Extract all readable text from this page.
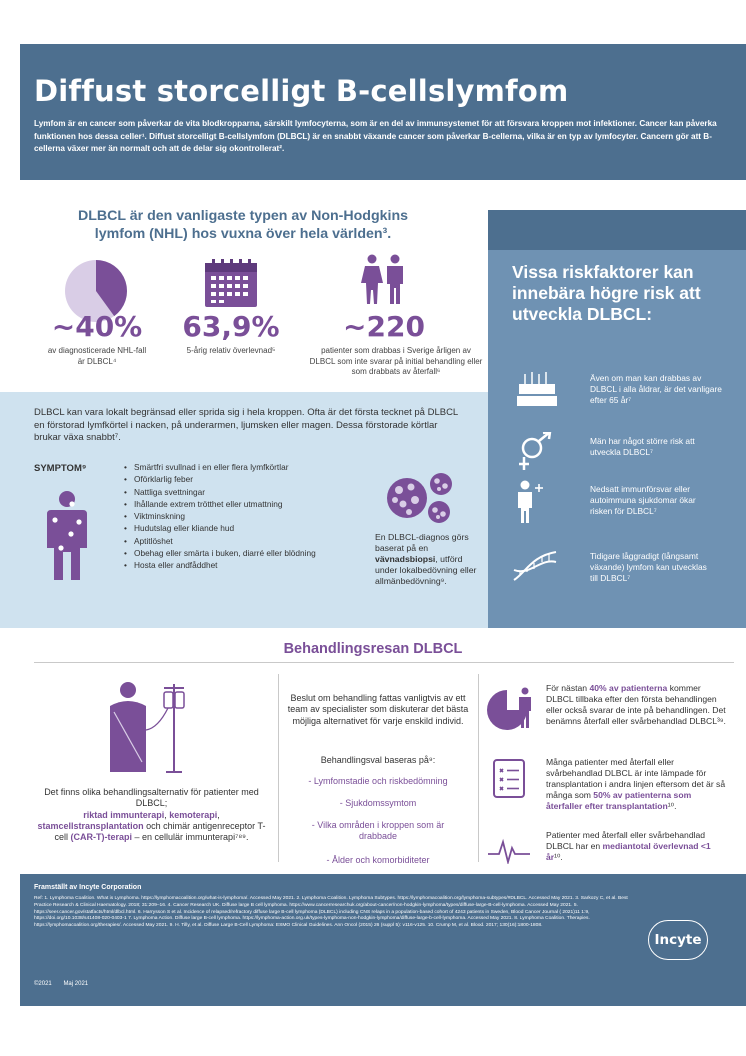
Diffust storcelligt B-cellslymfom

Lymfom är en cancer som påverkar de vita blodkropparna, särskilt lymfocyterna, som är en del av immunsystemet för att försvara kroppen mot infektioner. Cancer kan påverka funktionen hos dessa celler¹. Diffust storcelligt B-cellslymfom (DLBCL) är en snabbt växande cancer som påverkar B-cellerna, vilka är en typ av lymfocyter. Cancern gör att B-cellerna växer mer än normalt och att de delar sig okontrollerat².

DLBCL är den vanligaste typen av Non-Hodgkins lymfom (NHL) hos vuxna över hela världen³.
~40%
av diagnosticerade NHL-fall är DLBCL⁴
63,9%
5-årig relativ överlevnad⁵
~220
patienter som drabbas i Sverige årligen av DLBCL som inte svarar på initial behandling eller som drabbats av återfall⁶
Vissa riskfaktorer kan innebära högre risk att utveckla DLBCL:
Även om man kan drabbas av DLBCL i alla åldrar, är det vanligare efter 65 år⁷
Män har något större risk att utveckla DLBCL⁷
Nedsatt immunförsvar eller autoimmuna sjukdomar ökar risken för DLBCL⁷
Tidigare låggradigt (långsamt växande) lymfom kan utvecklas till DLBCL⁷

DLBCL kan vara lokalt begränsad eller sprida sig i hela kroppen. Ofta är det första tecknet på DLBCL en förstorad lymfkörtel i nacken, på underarmen, ljumsken eller magen. Dessa förstorade körtlar brukar växa snabbt⁷.

SYMPTOM⁹
•	Smärtfri svullnad i en eller flera lymfkörtlar
• Oförklarlig feber
• Nattliga svettningar
• Ihållande extrem trötthet eller utmattning
• Viktminskning
• Hudutslag eller kliande hud
• Aptitlöshet
• Obehag eller smärta i buken, diarré eller blödning
• Hosta eller andfåddhet
En DLBCL-diagnos görs baserat på en vävnadsbiopsi, utförd under lokalbedövning eller allmänbedövning⁹.
Behandlingsresan DLBCL
Det finns olika behandlingsalternativ för patienter med DLBCL;
riktad immunterapi, kemoterapi,
stamcellstransplantation och chimär antigenreceptor T-cell (CAR-T)-terapi – en cellulär immunterapi⁷⁸⁹.
Beslut om behandling fattas vanligtvis av ett team av specialister som diskuterar det bästa möjliga alternativet för varje enskild individ.
Behandlingsval baseras på⁹:
- Lymfomstadie och riskbedömning
- Sjukdomssymtom
- Vilka områden i kroppen som är drabbade
- Ålder och komorbiditeter
För nästan 40% av patienterna kommer DLBCL tillbaka efter den första behandlingen eller också svarar de inte på behandlingen. Det benämns återfall eller svårbehandlad DLBCL³⁹.
Många patienter med återfall eller svårbehandlad DLBCL är inte lämpade för transplantation i andra linjen eftersom det är så många som 50% av patienterna som återfaller efter transplantation¹⁰.
Patienter med återfall eller svårbehandlad DLBCL har en mediantotal överlevnad <1 år¹⁰.
Framställt av Incyte Corporation

Ref: 1. Lymphoma Coalition. What is Lymphoma. https://lymphomacoalition.org/what-is-lymphoma/. Accessed May 2021. 2. Lymphoma Coalition. Lymphoma Subtypes. https://lymphomacoalition.org/lymphoma-subtypes/#DLBCL. Accessed May 2021. 3. Sarkozy C, et al. Best Practice Research & Clinical Haematology. 2018; 31:209–16. 4. Cancer Research UK. Diffuse large B cell lymphoma. https://www.cancerresearchuk.org/about-cancer/non-hodgkin-lymphoma/types/diffuse-large-B-cell-lymphoma. Accessed May 2021. 5. https://seer.cancer.gov/statfacts/html/dlbcl.html. 6. Harrysson S et al. Incidence of relapsed/refractory diffuse large B-cell lymphoma (DLBCL) including CNS relaps in a population-based cohort of 4243 patients in Sweden, Blood Cancer Journal ( 2021)11 1:9, https://doi.org/10.1038/s41408-020-0403-1 7. Lymphoma Action. Diffuse large B-cell lymphoma. https://lymphoma-action.org.uk/types-lymphoma-non-hodgkin-lymphoma/diffuse-large-b-cell-lymphoma. Accessed May 2021. 8. Lymphoma Coalition. Therapies. https://lymphomacoalition.org/therapies/. Accessed May 2021. 9. H. Tilly, et al. Diffuse Large B-Cell Lymphoma: ESMO Clinical Guidelines. Ann Oncol (2015) 26 (suppl 5): v116-v125. 10. Crump M, et al. Blood. 2017; 130(16):1800-1808.

©2021       Maj 2021
Incyte
